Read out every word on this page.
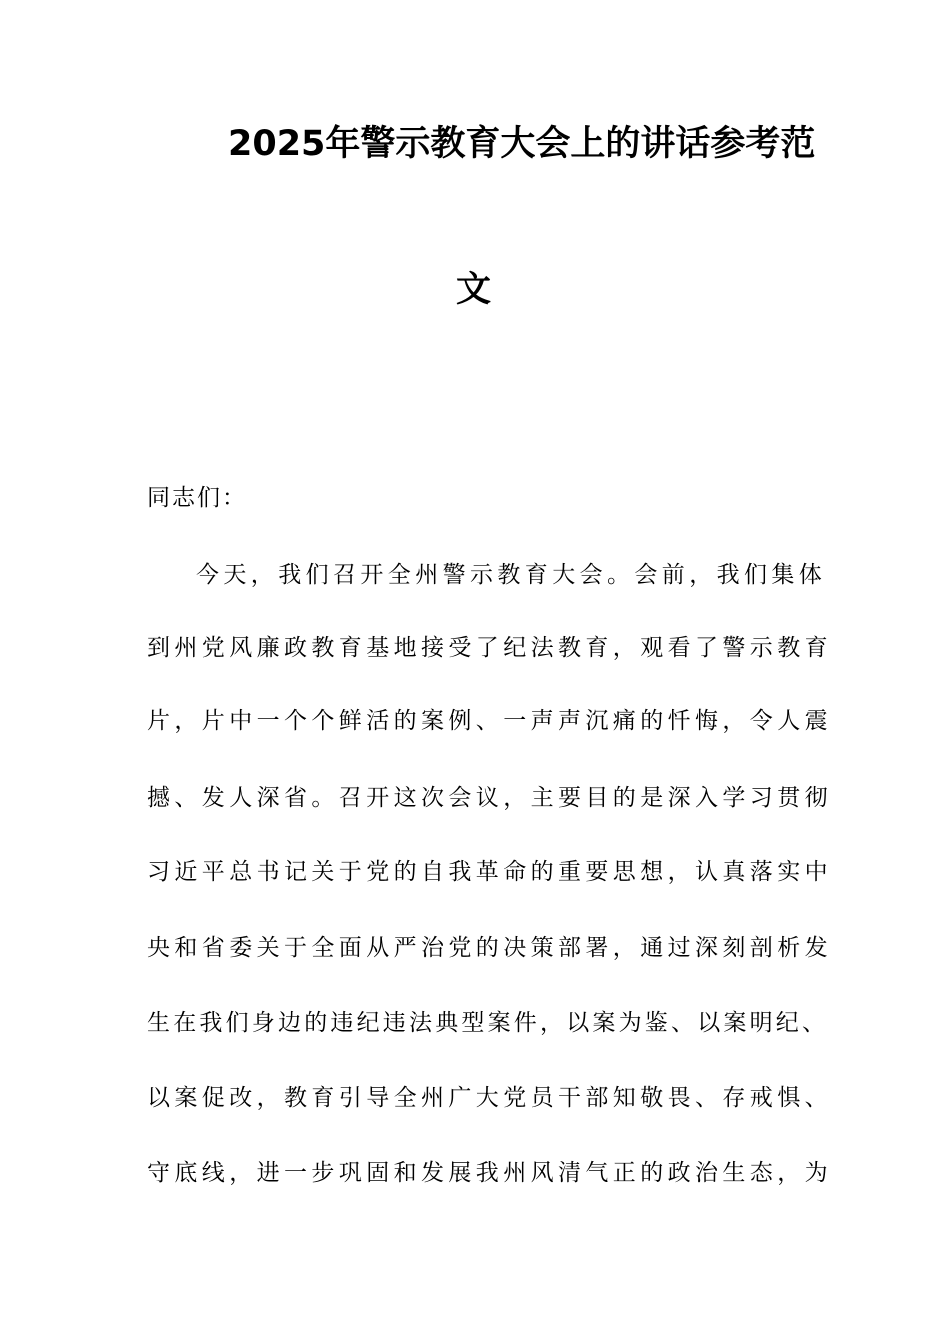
2025年警示教育大会上的讲话参考范
文
同志们：
今天，我们召开全州警示教育大会。会前，我们集体
到州党风廉政教育基地接受了纪法教育，观看了警示教育
片，片中一个个鲜活的案例、一声声沉痛的忏悔，令人震
撼、发人深省。召开这次会议，主要目的是深入学习贯彻
习近平总书记关于党的自我革命的重要思想，认真落实中
央和省委关于全面从严治党的决策部署，通过深刻剖析发
生在我们身边的违纪违法典型案件，以案为鉴、以案明纪、
以案促改，教育引导全州广大党员干部知敬畏、存戒惧、
守底线，进一步巩固和发展我州风清气正的政治生态，为
